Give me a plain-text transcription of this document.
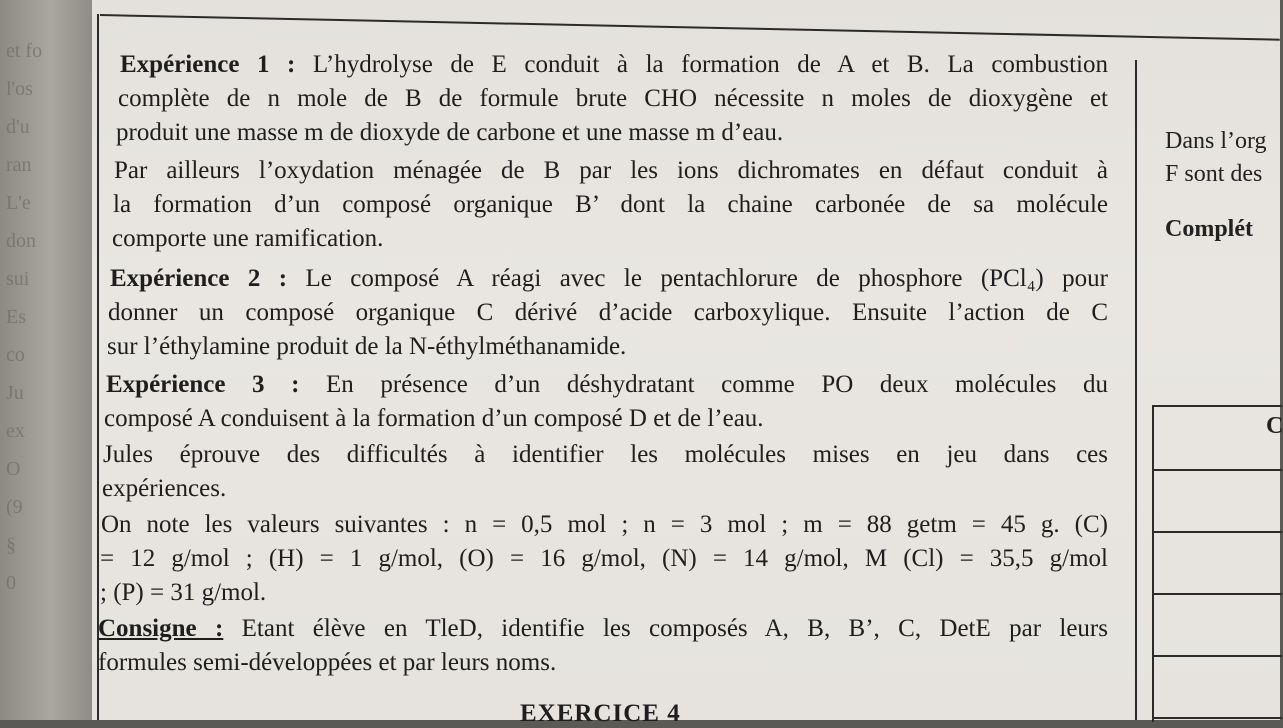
et fo
l'os
d'u
ran
L'e
don
sui
Es
co
Ju
ex
O
(9
§
0
Expérience 1 : L’hydrolyse de E conduit à la formation de A et B. La combustion
complète de n mole de B de formule brute CHO nécessite n moles de dioxygène et
produit une masse m de dioxyde de carbone et une masse m d’eau.
Par ailleurs l’oxydation ménagée de B par les ions dichromates en défaut conduit à
la formation d’un composé organique B’ dont la chaine carbonée de sa molécule
comporte une ramification.
Expérience 2 : Le composé A réagi avec le pentachlorure de phosphore (PCl₄) pour
donner un composé organique C dérivé d’acide carboxylique. Ensuite l’action de C
sur l’éthylamine produit de la N-éthylméthanamide.
Expérience 3 : En présence d’un déshydratant comme PO deux molécules du
composé A conduisent à la formation d’un composé D et de l’eau.
Jules éprouve des difficultés à identifier les molécules mises en jeu dans ces
expériences.
On note les valeurs suivantes : n = 0,5 mol ; n = 3 mol ; m = 88 getm = 45 g. (C)
= 12 g/mol ; (H) = 1 g/mol, (O) = 16 g/mol, (N) = 14 g/mol, M (Cl) = 35,5 g/mol
; (P) = 31 g/mol.
Consigne : Etant élève en TleD, identifie les composés A, B, B’, C, DetE par leurs
formules semi-développées et par leurs noms.
EXERCICE 4
Dans l’org
F sont des
Complét
C
